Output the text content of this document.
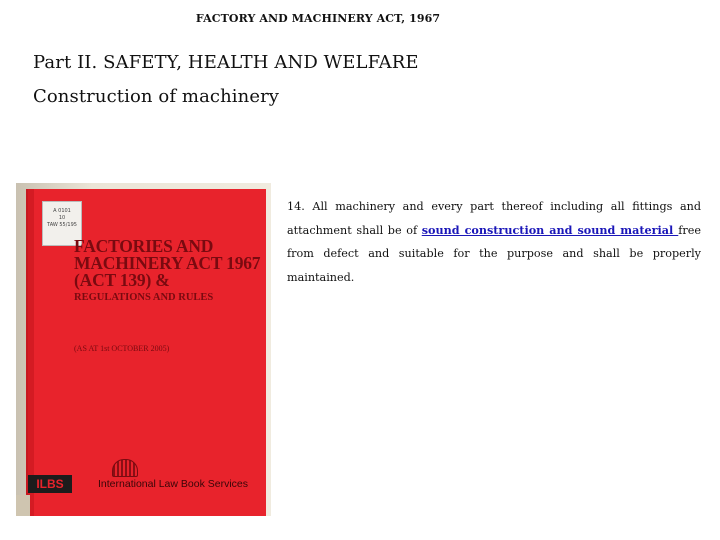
FACTORY AND MACHINERY ACT, 1967
Part II. SAFETY, HEALTH AND WELFARE
Construction of machinery
A 0101
10
TAW 55/195
FACTORIES AND
MACHINERY ACT 1967
(ACT 139) &
REGULATIONS AND RULES
(AS AT 1st OCTOBER 2005)
ILBS	International Law Book Services
14. All machinery and every part thereof including all fittings and attachment shall be of sound construction and sound material free from defect and suitable for the purpose and shall be properly maintained.
